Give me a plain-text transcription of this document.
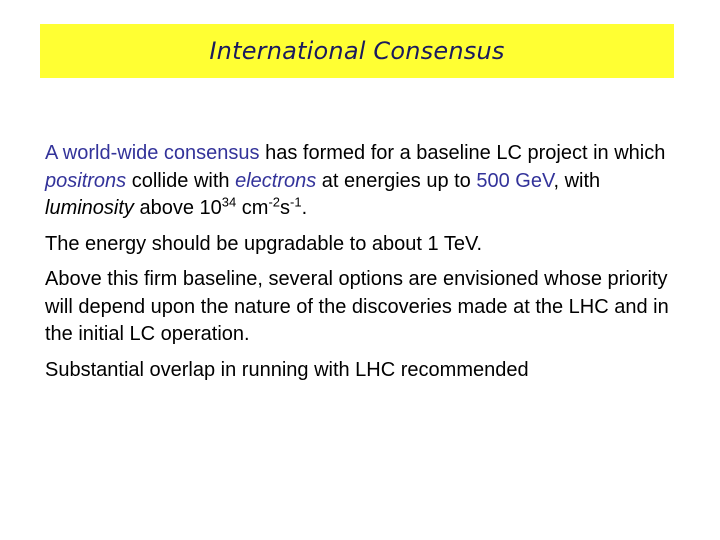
International Consensus

A world-wide consensus has formed for a baseline LC project in which positrons collide with electrons at energies up to 500 GeV, with luminosity above $10^{34}$ $cm^{-2}s^{-1}$.

The energy should be upgradable to about 1 TeV.

Above this firm baseline, several options are envisioned whose priority will depend upon the nature of the discoveries made at the LHC and in the initial LC operation.

Substantial overlap in running with LHC recommended
